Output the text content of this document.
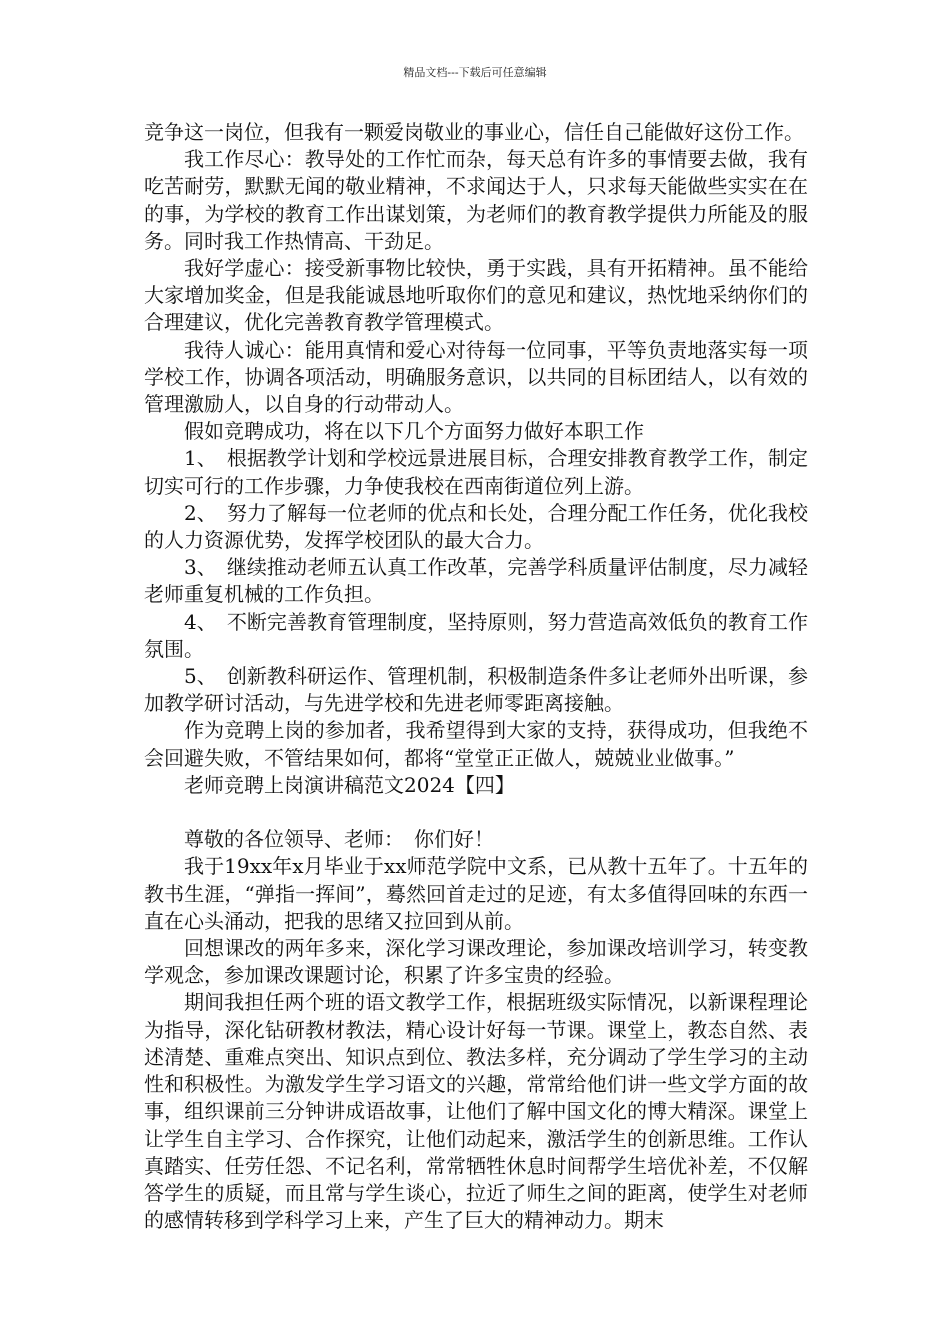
精品文档---下载后可任意编辑

竞争这一岗位，但我有一颗爱岗敬业的事业心，信任自己能做好这份工作。

我工作尽心：教导处的工作忙而杂，每天总有许多的事情要去做，我有吃苦耐劳，默默无闻的敬业精神，不求闻达于人，只求每天能做些实实在在的事，为学校的教育工作出谋划策，为老师们的教育教学提供力所能及的服务。同时我工作热情高、干劲足。

我好学虚心：接受新事物比较快，勇于实践，具有开拓精神。虽不能给大家增加奖金，但是我能诚恳地听取你们的意见和建议，热忱地采纳你们的合理建议，优化完善教育教学管理模式。

我待人诚心：能用真情和爱心对待每一位同事，平等负责地落实每一项学校工作，协调各项活动，明确服务意识，以共同的目标团结人，以有效的管理激励人，以自身的行动带动人。

假如竞聘成功，将在以下几个方面努力做好本职工作

1、　根据教学计划和学校远景进展目标，合理安排教育教学工作，制定切实可行的工作步骤，力争使我校在西南街道位列上游。

2、　努力了解每一位老师的优点和长处，合理分配工作任务，优化我校的人力资源优势，发挥学校团队的最大合力。

3、　继续推动老师五认真工作改革，完善学科质量评估制度，尽力减轻老师重复机械的工作负担。

4、　不断完善教育管理制度，坚持原则，努力营造高效低负的教育工作氛围。

5、　创新教科研运作、管理机制，积极制造条件多让老师外出听课，参加教学研讨活动，与先进学校和先进老师零距离接触。

作为竞聘上岗的参加者，我希望得到大家的支持，获得成功，但我绝不会回避失败，不管结果如何，都将“堂堂正正做人，兢兢业业做事。”

老师竞聘上岗演讲稿范文2024【四】

尊敬的各位领导、老师：　你们好！

我于19xx年x月毕业于xx师范学院中文系，已从教十五年了。十五年的教书生涯，“弹指一挥间”，蓦然回首走过的足迹，有太多值得回味的东西一直在心头涌动，把我的思绪又拉回到从前。

回想课改的两年多来，深化学习课改理论，参加课改培训学习，转变教学观念，参加课改课题讨论，积累了许多宝贵的经验。

期间我担任两个班的语文教学工作，根据班级实际情况，以新课程理论为指导，深化钻研教材教法，精心设计好每一节课。课堂上，教态自然、表述清楚、重难点突出、知识点到位、教法多样，充分调动了学生学习的主动性和积极性。为激发学生学习语文的兴趣，常常给他们讲一些文学方面的故事，组织课前三分钟讲成语故事，让他们了解中国文化的博大精深。课堂上让学生自主学习、合作探究，让他们动起来，激活学生的创新思维。工作认真踏实、任劳任怨、不记名利，常常牺牲休息时间帮学生培优补差，不仅解答学生的质疑，而且常与学生谈心，拉近了师生之间的距离，使学生对老师的感情转移到学科学习上来，产生了巨大的精神动力。期末
